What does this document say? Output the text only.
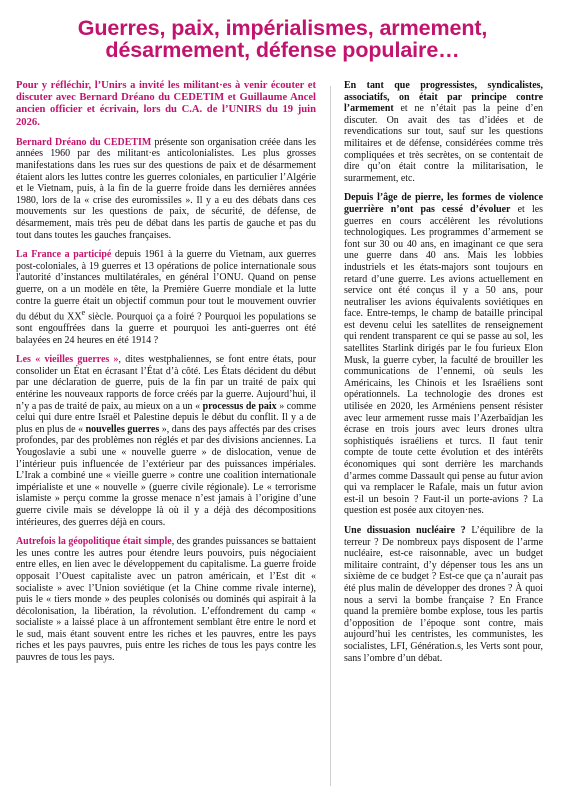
Guerres, paix, impérialismes, armement, désarmement, défense populaire…

Pour y réfléchir, l’Unirs a invité les militant·es à venir écouter et discuter avec Bernard Dréano du CEDETIM et Guillaume Ancel ancien officier et écrivain, lors du C.A. de l’UNIRS du 19 juin 2026.

Bernard Dréano du CEDETIM présente son organisation créée dans les années 1960 par des militant·es anticolonialistes. Les plus grosses manifestations dans les rues sur des questions de paix et de désarmement étaient alors les luttes contre les guerres coloniales, en particulier l’Algérie et le Vietnam, puis, à la fin de la guerre froide dans les dernières années 1980, lors de la « crise des euromissiles ». Il y a eu des débats dans ces mouvements sur les questions de paix, de sécurité, de défense, de désarmement, mais très peu de débat dans les partis de gauche et pas du tout dans toutes les gauches françaises.

La France a participé depuis 1961 à la guerre du Vietnam, aux guerres post-coloniales, à 19 guerres et 13 opérations de police internationale sous l'autorité d’instances multilatérales, en général l’ONU. Quand on pense guerre, on a un modèle en tête, la Première Guerre mondiale et la lutte contre la guerre était un objectif commun pour tout le mouvement ouvrier du début du XXe siècle. Pourquoi ça a foiré ? Pourquoi les populations se sont engouffrées dans la guerre et pourquoi les anti-guerres ont été balayées en 24 heures en été 1914 ?

Les « vieilles guerres », dites westphaliennes, se font entre états, pour consolider un État en écrasant l’État d’à côté. Les États décident du début par une déclaration de guerre, puis de la fin par un traité de paix qui entérine les nouveaux rapports de force créés par la guerre. Aujourd’hui, il n’y a pas de traité de paix, au mieux on a un « processus de paix » comme celui qui dure entre Israël et Palestine depuis le début du conflit. Il y a de plus en plus de « nouvelles guerres », dans des pays affectés par des crises profondes, par des problèmes non réglés et par des divisions anciennes. La Yougoslavie a subi une « nouvelle guerre » de dislocation, venue de l’intérieur puis influencée de l’extérieur par des puissances impériales. L’Irak a combiné une « vieille guerre » contre une coalition internationale impérialiste et une « nouvelle » (guerre civile régionale). Le « terrorisme islamiste » perçu comme la grosse menace n’est jamais à l’origine d’une guerre civile mais se développe là où il y a déjà des décompositions intérieures, des guerres déjà en cours.

Autrefois la géopolitique était simple, des grandes puissances se battaient les unes contre les autres pour étendre leurs pouvoirs, puis négociaient entre elles, en lien avec le développement du capitalisme. La guerre froide opposait l’Ouest capitaliste avec un patron américain, et l’Est dit « socialiste » avec l’Union soviétique (et la Chine comme rivale interne), puis le « tiers monde » des peuples colonisés ou dominés qui aspirait à la décolonisation, la libération, la révolution. L’effondrement du camp « socialiste » a laissé place à un affrontement semblant être entre le nord et le sud, mais étant souvent entre les riches et les pauvres, entre les pays riches et les pays pauvres, puis entre les riches de tous les pays contre les pauvres de tous les pays.

En tant que progressistes, syndicalistes, associatifs, on était par principe contre l’armement et ne n’était pas la peine d’en discuter. On avait des tas d’idées et de revendications sur tout, sauf sur les questions militaires et de défense, considérées comme très compliquées et très secrètes, on se contentait de dire qu’on était contre la militarisation, le surarmement, etc.

Depuis l’âge de pierre, les formes de violence guerrière n’ont pas cessé d’évoluer et les guerres en cours accélèrent les révolutions technologiques. Les programmes d’armement se font sur 30 ou 40 ans, en imaginant ce que sera une guerre dans 40 ans. Mais les lobbies industriels et les états-majors sont toujours en retard d’une guerre. Les avions actuellement en service ont été conçus il y a 50 ans, pour neutraliser les avions équivalents soviétiques en face. Entre-temps, le champ de bataille principal est devenu celui les satellites de renseignement qui rendent transparent ce qui se passe au sol, les satellites Starlink dirigés par le fou furieux Elon Musk, la guerre cyber, la faculté de brouiller les communications de l’ennemi, où seuls les Américains, les Chinois et les Israéliens sont opérationnels. La technologie des drones est utilisée en 2020, les Arméniens pensent résister avec leur armement russe mais l’Azerbaïdjan les écrase en trois jours avec leurs drones ultra sophistiqués israéliens et turcs. Il faut tenir compte de toute cette évolution et des intérêts économiques qui sont derrière les marchands d’armes comme Dassault qui pense au futur avion qui va remplacer le Rafale, mais un futur avion est-il un besoin ? Faut-il un porte-avions ? La question est posée aux citoyen·nes.

Une dissuasion nucléaire ? L’équilibre de la terreur ? De nombreux pays disposent de l’arme nucléaire, est-ce raisonnable, avec un budget militaire contraint, d’y dépenser tous les ans un sixième de ce budget ? Est-ce que ça n’aurait pas été plus malin de développer des drones ? À quoi nous a servi la bombe française ? En France quand la première bombe explose, tous les partis d’opposition de l’époque sont contre, mais aujourd’hui les centristes, les communistes, les socialistes, LFI, Génération.s, les Verts sont pour, sans l’ombre d’un débat.
